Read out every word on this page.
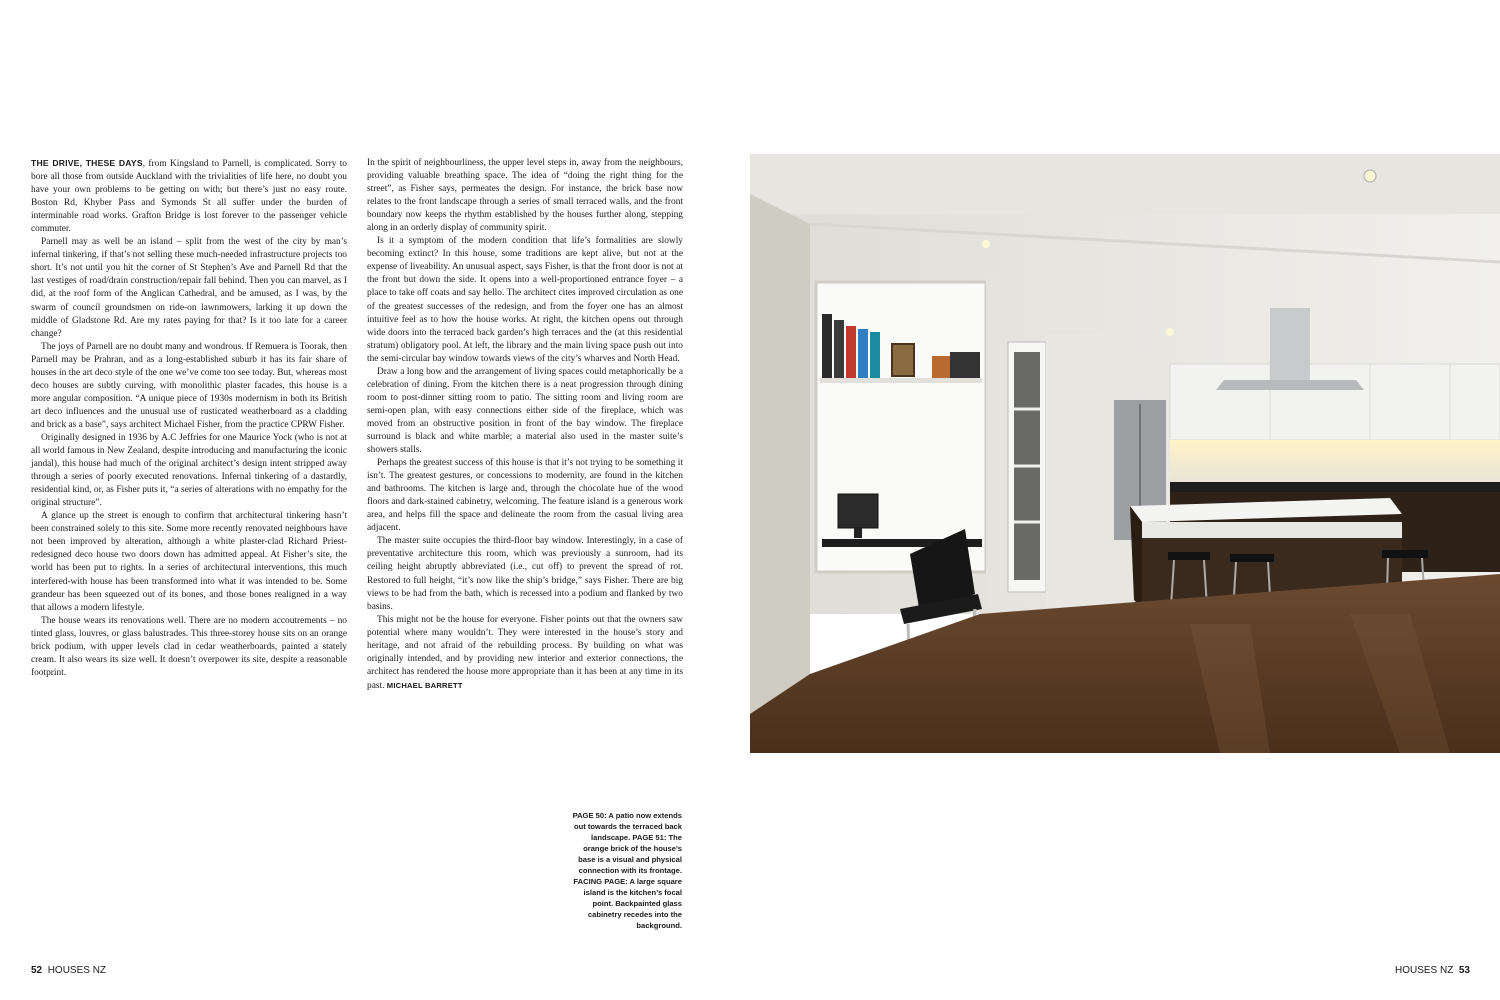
THE DRIVE, THESE DAYS, from Kingsland to Parnell, is complicated. Sorry to bore all those from outside Auckland with the trivialities of life here, no doubt you have your own problems to be getting on with; but there’s just no easy route. Boston Rd, Khyber Pass and Symonds St all suffer under the burden of interminable road works. Grafton Bridge is lost forever to the passenger vehicle commuter.

Parnell may as well be an island – split from the west of the city by man’s infernal tinkering, if that’s not selling these much-needed infrastructure projects too short. It’s not until you hit the corner of St Stephen’s Ave and Parnell Rd that the last vestiges of road/drain construction/repair fall behind. Then you can marvel, as I did, at the roof form of the Anglican Cathedral, and be amused, as I was, by the swarm of council groundsmen on ride-on lawnmowers, larking it up down the middle of Gladstone Rd. Are my rates paying for that? Is it too late for a career change?

The joys of Parnell are no doubt many and wondrous. If Remuera is Toorak, then Parnell may be Prahran, and as a long-established suburb it has its fair share of houses in the art deco style of the one we’ve come too see today. But, whereas most deco houses are subtly curving, with monolithic plaster facades, this house is a more angular composition. “A unique piece of 1930s modernism in both its British art deco influences and the unusual use of rusticated weatherboard as a cladding and brick as a base”, says architect Michael Fisher, from the practice CPRW Fisher.

Originally designed in 1936 by A.C Jeffries for one Maurice Yock (who is not at all world famous in New Zealand, despite introducing and manufacturing the iconic jandal), this house had much of the original architect’s design intent stripped away through a series of poorly executed renovations. Infernal tinkering of a dastardly, residential kind, or, as Fisher puts it, “a series of alterations with no empathy for the original structure”.

A glance up the street is enough to confirm that architectural tinkering hasn’t been constrained solely to this site. Some more recently renovated neighbours have not been improved by alteration, although a white plaster-clad Richard Priest-redesigned deco house two doors down has admitted appeal. At Fisher’s site, the world has been put to rights. In a series of architectural interventions, this much interfered-with house has been transformed into what it was intended to be. Some grandeur has been squeezed out of its bones, and those bones realigned in a way that allows a modern lifestyle.

The house wears its renovations well. There are no modern accoutrements – no tinted glass, louvres, or glass balustrades. This three-storey house sits on an orange brick podium, with upper levels clad in cedar weatherboards, painted a stately cream. It also wears its size well. It doesn’t overpower its site, despite a reasonable footprint.

In the spirit of neighbourliness, the upper level steps in, away from the neighbours, providing valuable breathing space. The idea of “doing the right thing for the street”, as Fisher says, permeates the design. For instance, the brick base now relates to the front landscape through a series of small terraced walls, and the front boundary now keeps the rhythm established by the houses further along, stepping along in an orderly display of community spirit.

Is it a symptom of the modern condition that life’s formalities are slowly becoming extinct? In this house, some traditions are kept alive, but not at the expense of liveability. An unusual aspect, says Fisher, is that the front door is not at the front but down the side. It opens into a well-proportioned entrance foyer – a place to take off coats and say hello. The architect cites improved circulation as one of the greatest successes of the redesign, and from the foyer one has an almost intuitive feel as to how the house works. At right, the kitchen opens out through wide doors into the terraced back garden’s high terraces and the (at this residential stratum) obligatory pool. At left, the library and the main living space push out into the semi-circular bay window towards views of the city’s wharves and North Head.

Draw a long bow and the arrangement of living spaces could metaphorically be a celebration of dining. From the kitchen there is a neat progression through dining room to post-dinner sitting room to patio. The sitting room and living room are semi-open plan, with easy connections either side of the fireplace, which was moved from an obstructive position in front of the bay window. The fireplace surround is black and white marble; a material also used in the master suite’s showers stalls.

Perhaps the greatest success of this house is that it’s not trying to be something it isn’t. The greatest gestures, or concessions to modernity, are found in the kitchen and bathrooms. The kitchen is large and, through the chocolate hue of the wood floors and dark-stained cabinetry, welcoming. The feature island is a generous work area, and helps fill the space and delineate the room from the casual living area adjacent.

The master suite occupies the third-floor bay window. Interestingly, in a case of preventative architecture this room, which was previously a sunroom, had its ceiling height abruptly abbreviated (i.e., cut off) to prevent the spread of rot. Restored to full height, “it’s now like the ship’s bridge,” says Fisher. There are big views to be had from the bath, which is recessed into a podium and flanked by two basins.

This might not be the house for everyone. Fisher points out that the owners saw potential where many wouldn’t. They were interested in the house’s story and heritage, and not afraid of the rebuilding process. By building on what was originally intended, and by providing new interior and exterior connections, the architect has rendered the house more appropriate than it has been at any time in its past. MICHAEL BARRETT

PAGE 50: A patio now extends out towards the terraced back landscape. PAGE 51: The orange brick of the house’s base is a visual and physical connection with its frontage. FACING PAGE: A large square island is the kitchen’s focal point. Backpainted glass cabinetry recedes into the background.
52 HOUSES NZ	HOUSES NZ 53
